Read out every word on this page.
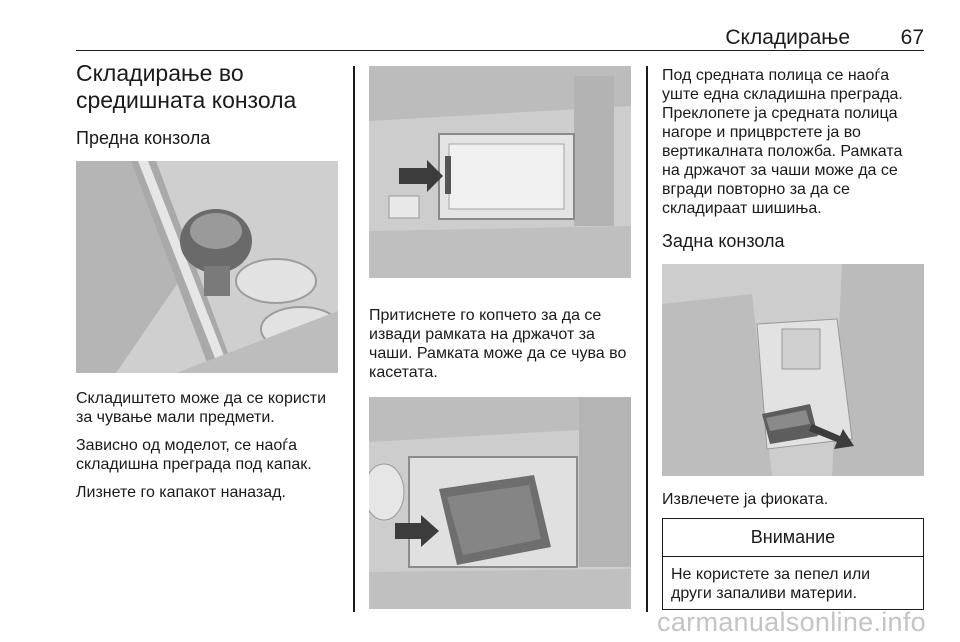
Складирање 67
Складирање во средишната конзола
Предна конзола

Складиштето може да се користи за чување мали предмети.

Зависно од моделот, се наоѓа складишна преграда под капак.

Лизнете го капакот наназад.

Притиснете го копчето за да се извади рамката на држачот за чаши. Рамката може да се чува во касетата.

Под средната полица се наоѓа уште една складишна преграда. Преклопете ја средната полица нагоре и прицврстете ја во вертикалната положба. Рамката на држачот за чаши може да се вгради повторно за да се складираат шишиња.

Задна конзола

Извлечете ја фиоката.

Внимание
Не користете за пепел или други запаливи материи.
carmanualsonline.info
